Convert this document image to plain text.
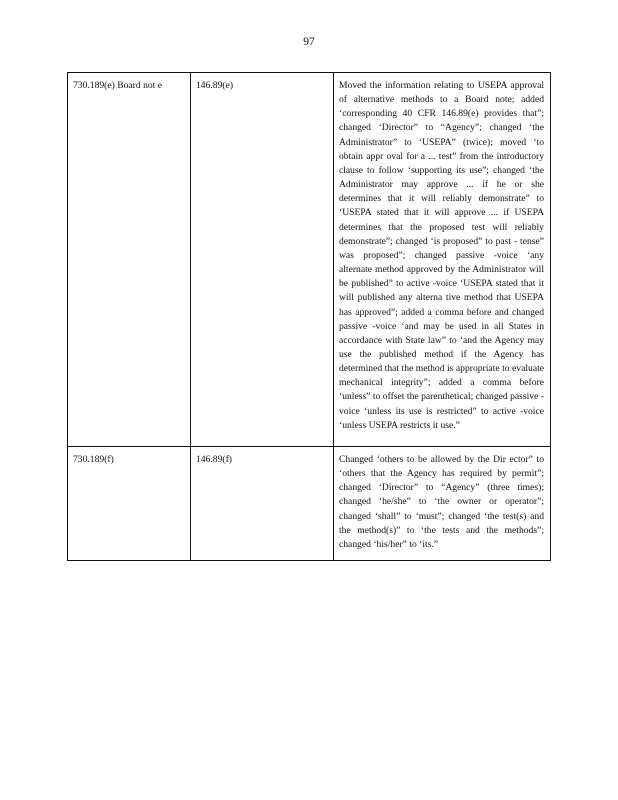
97
730.189(e) Board not e	146.89(e)	Moved the information relating to USEPA approval of alternative methods to a Board note; added ‘corresponding 40 CFR 146.89(e) provides that”; changed ‘Director” to “Agency”; changed ‘the Administrator” to ‘USEPA” (twice); moved ‘to obtain appr oval for a ... test” from the introductory clause to follow ‘supporting its use”; changed ‘the Administrator may approve ... if he or she determines that it will reliably demonstrate” to ‘USEPA stated that it will approve ... if USEPA determines that the proposed test will reliably demonstrate”; changed ‘is proposed” to past - tense” was proposed”; changed passive -voice ‘any alternate method approved by the Administrator will be published” to active -voice ‘USEPA stated that it will published any alterna tive method that USEPA has approved”; added a comma before and changed passive -voice ‘and may be used in all States in accordance with State law” to ‘and the Agency may use the published method if the Agency has determined that the method is appropriate to evaluate mechanical integrity”; added a comma before ‘unless” to offset the parenthetical; changed passive -voice ‘unless its use is restricted” to active -voice ‘unless USEPA restricts it use.”
730.189(f)	146.89(f)	Changed ‘others to be allowed by the Dir ector” to ‘others that the Agency has required by permit”; changed ‘Director” to “Agency” (three times); changed ‘he/she” to ‘the owner or operator”; changed ‘shall” to ‘must”; changed ‘the test(s) and the method(s)” to ‘the tests and the methods”; changed ‘his/her” to ‘its.”
